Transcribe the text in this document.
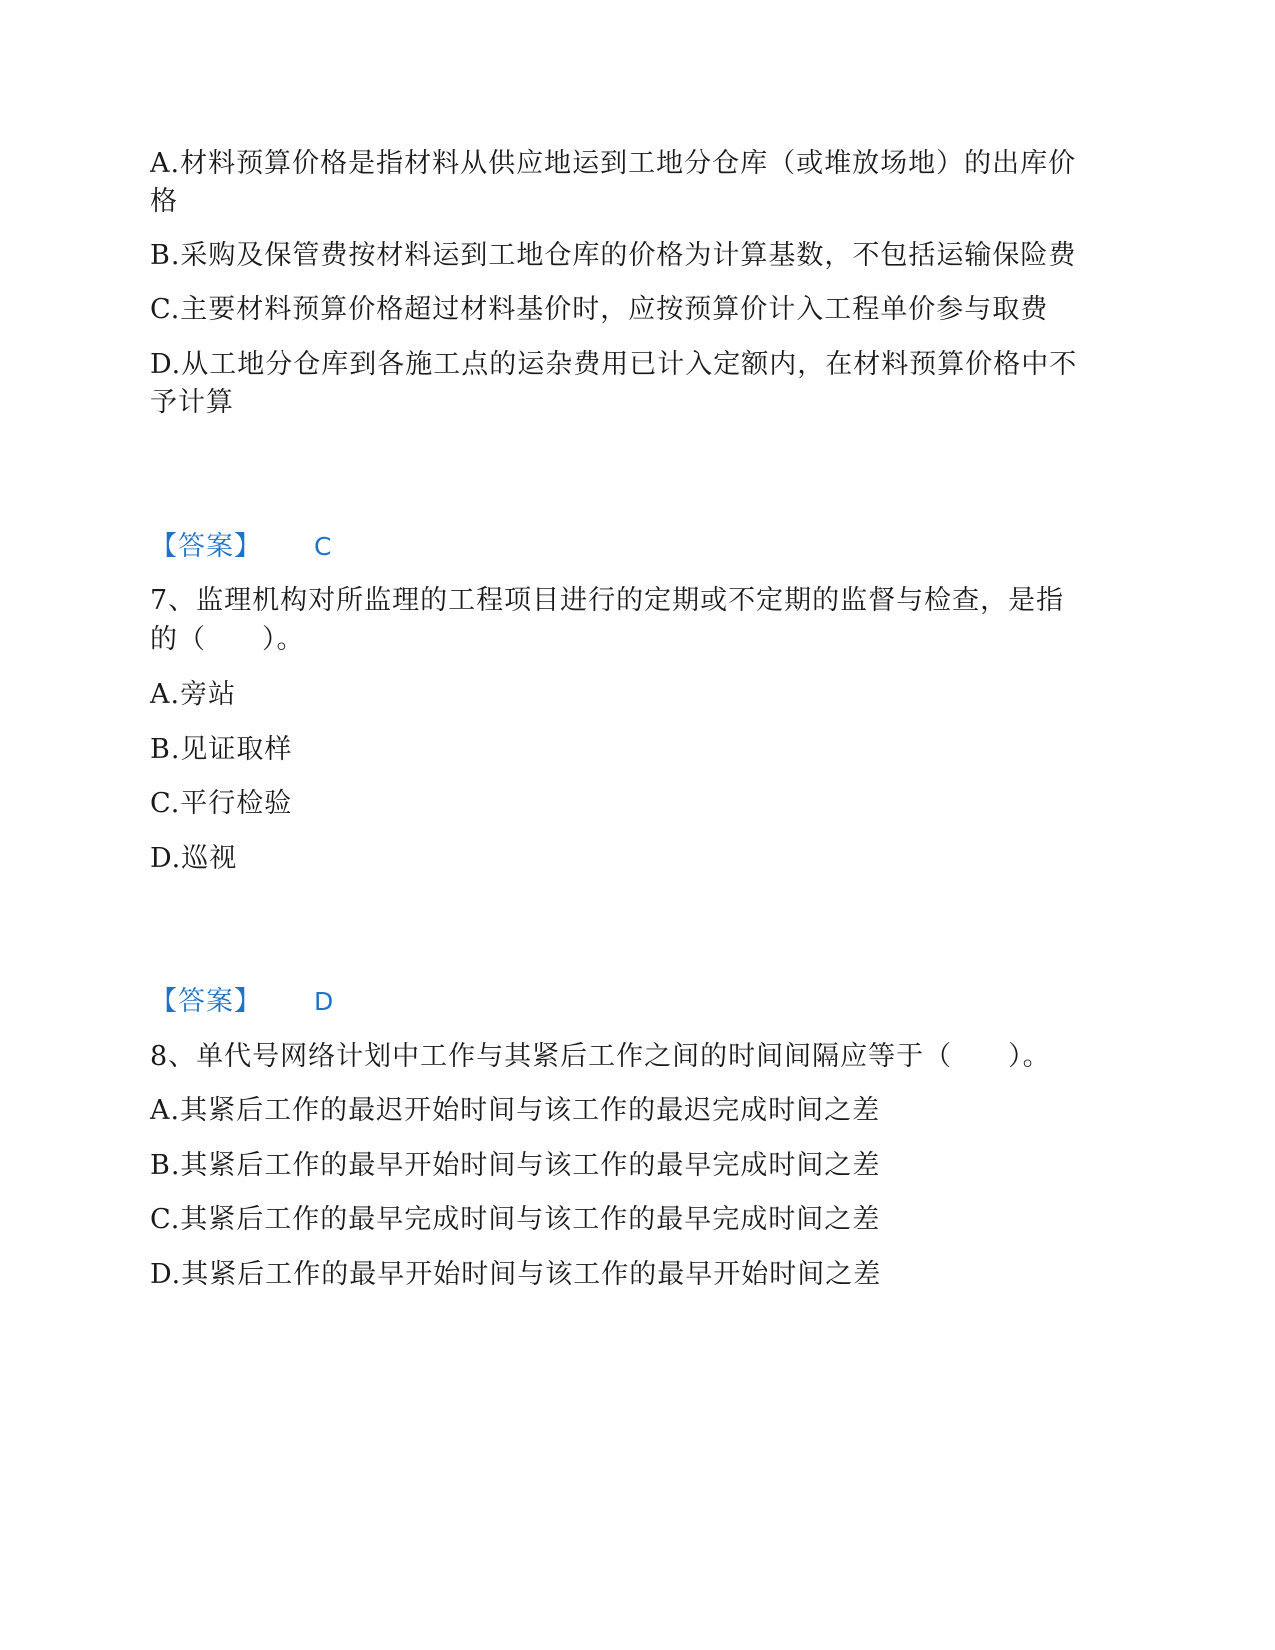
A.材料预算价格是指材料从供应地运到工地分仓库（或堆放场地）的出库价
格
B.采购及保管费按材料运到工地仓库的价格为计算基数，不包括运输保险费
C.主要材料预算价格超过材料基价时，应按预算价计入工程单价参与取费
D.从工地分仓库到各施工点的运杂费用已计入定额内，在材料预算价格中不
予计算
【答案】 C
7、监理机构对所监理的工程项目进行的定期或不定期的监督与检查，是指
的（　　）。
A.旁站
B.见证取样
C.平行检验
D.巡视
【答案】 D
8、单代号网络计划中工作与其紧后工作之间的时间间隔应等于（　　）。
A.其紧后工作的最迟开始时间与该工作的最迟完成时间之差
B.其紧后工作的最早开始时间与该工作的最早完成时间之差
C.其紧后工作的最早完成时间与该工作的最早完成时间之差
D.其紧后工作的最早开始时间与该工作的最早开始时间之差
